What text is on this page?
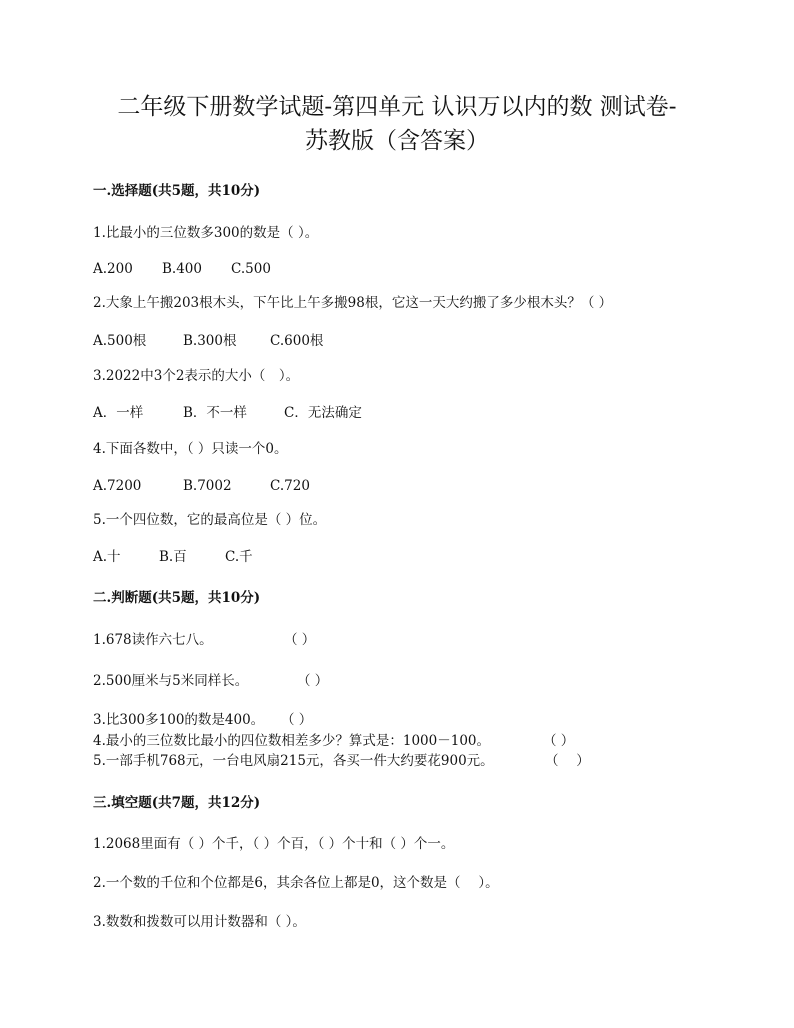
二年级下册数学试题-第四单元 认识万以内的数 测试卷-
苏教版（含答案）
一.选择题(共5题，共10分)
1.比最小的三位数多300的数是（ ）。
A.200 B.400 C.500
2.大象上午搬203根木头，下午比上午多搬98根，它这一天大约搬了多少根木头？（ ）
A.500根	B.300根 C.600根
3.2022中3个2表示的大小（　）。
A．一样	B．不一样	C．无法确定
4.下面各数中，（ ）只读一个0。
A.7200	B.7002	C.720
5.一个四位数，它的最高位是（ ）位。
A.十	B.百	C.千
二.判断题(共5题，共10分)
1.678读作六七八。	（ ）
2.500厘米与5米同样长。	（ ）
3.比300多100的数是400。 （ ）
4.最小的三位数比最小的四位数相差多少？算式是：1000－100。	（ ）
5.一部手机768元，一台电风扇215元，各买一件大约要花900元。	（　 ）
三.填空题(共7题，共12分)
1.2068里面有（ ）个千，（ ）个百，（ ）个十和（ ）个一。
2.一个数的千位和个位都是6，其余各位上都是0，这个数是（　 ）。
3.数数和拨数可以用计数器和（ ）。
